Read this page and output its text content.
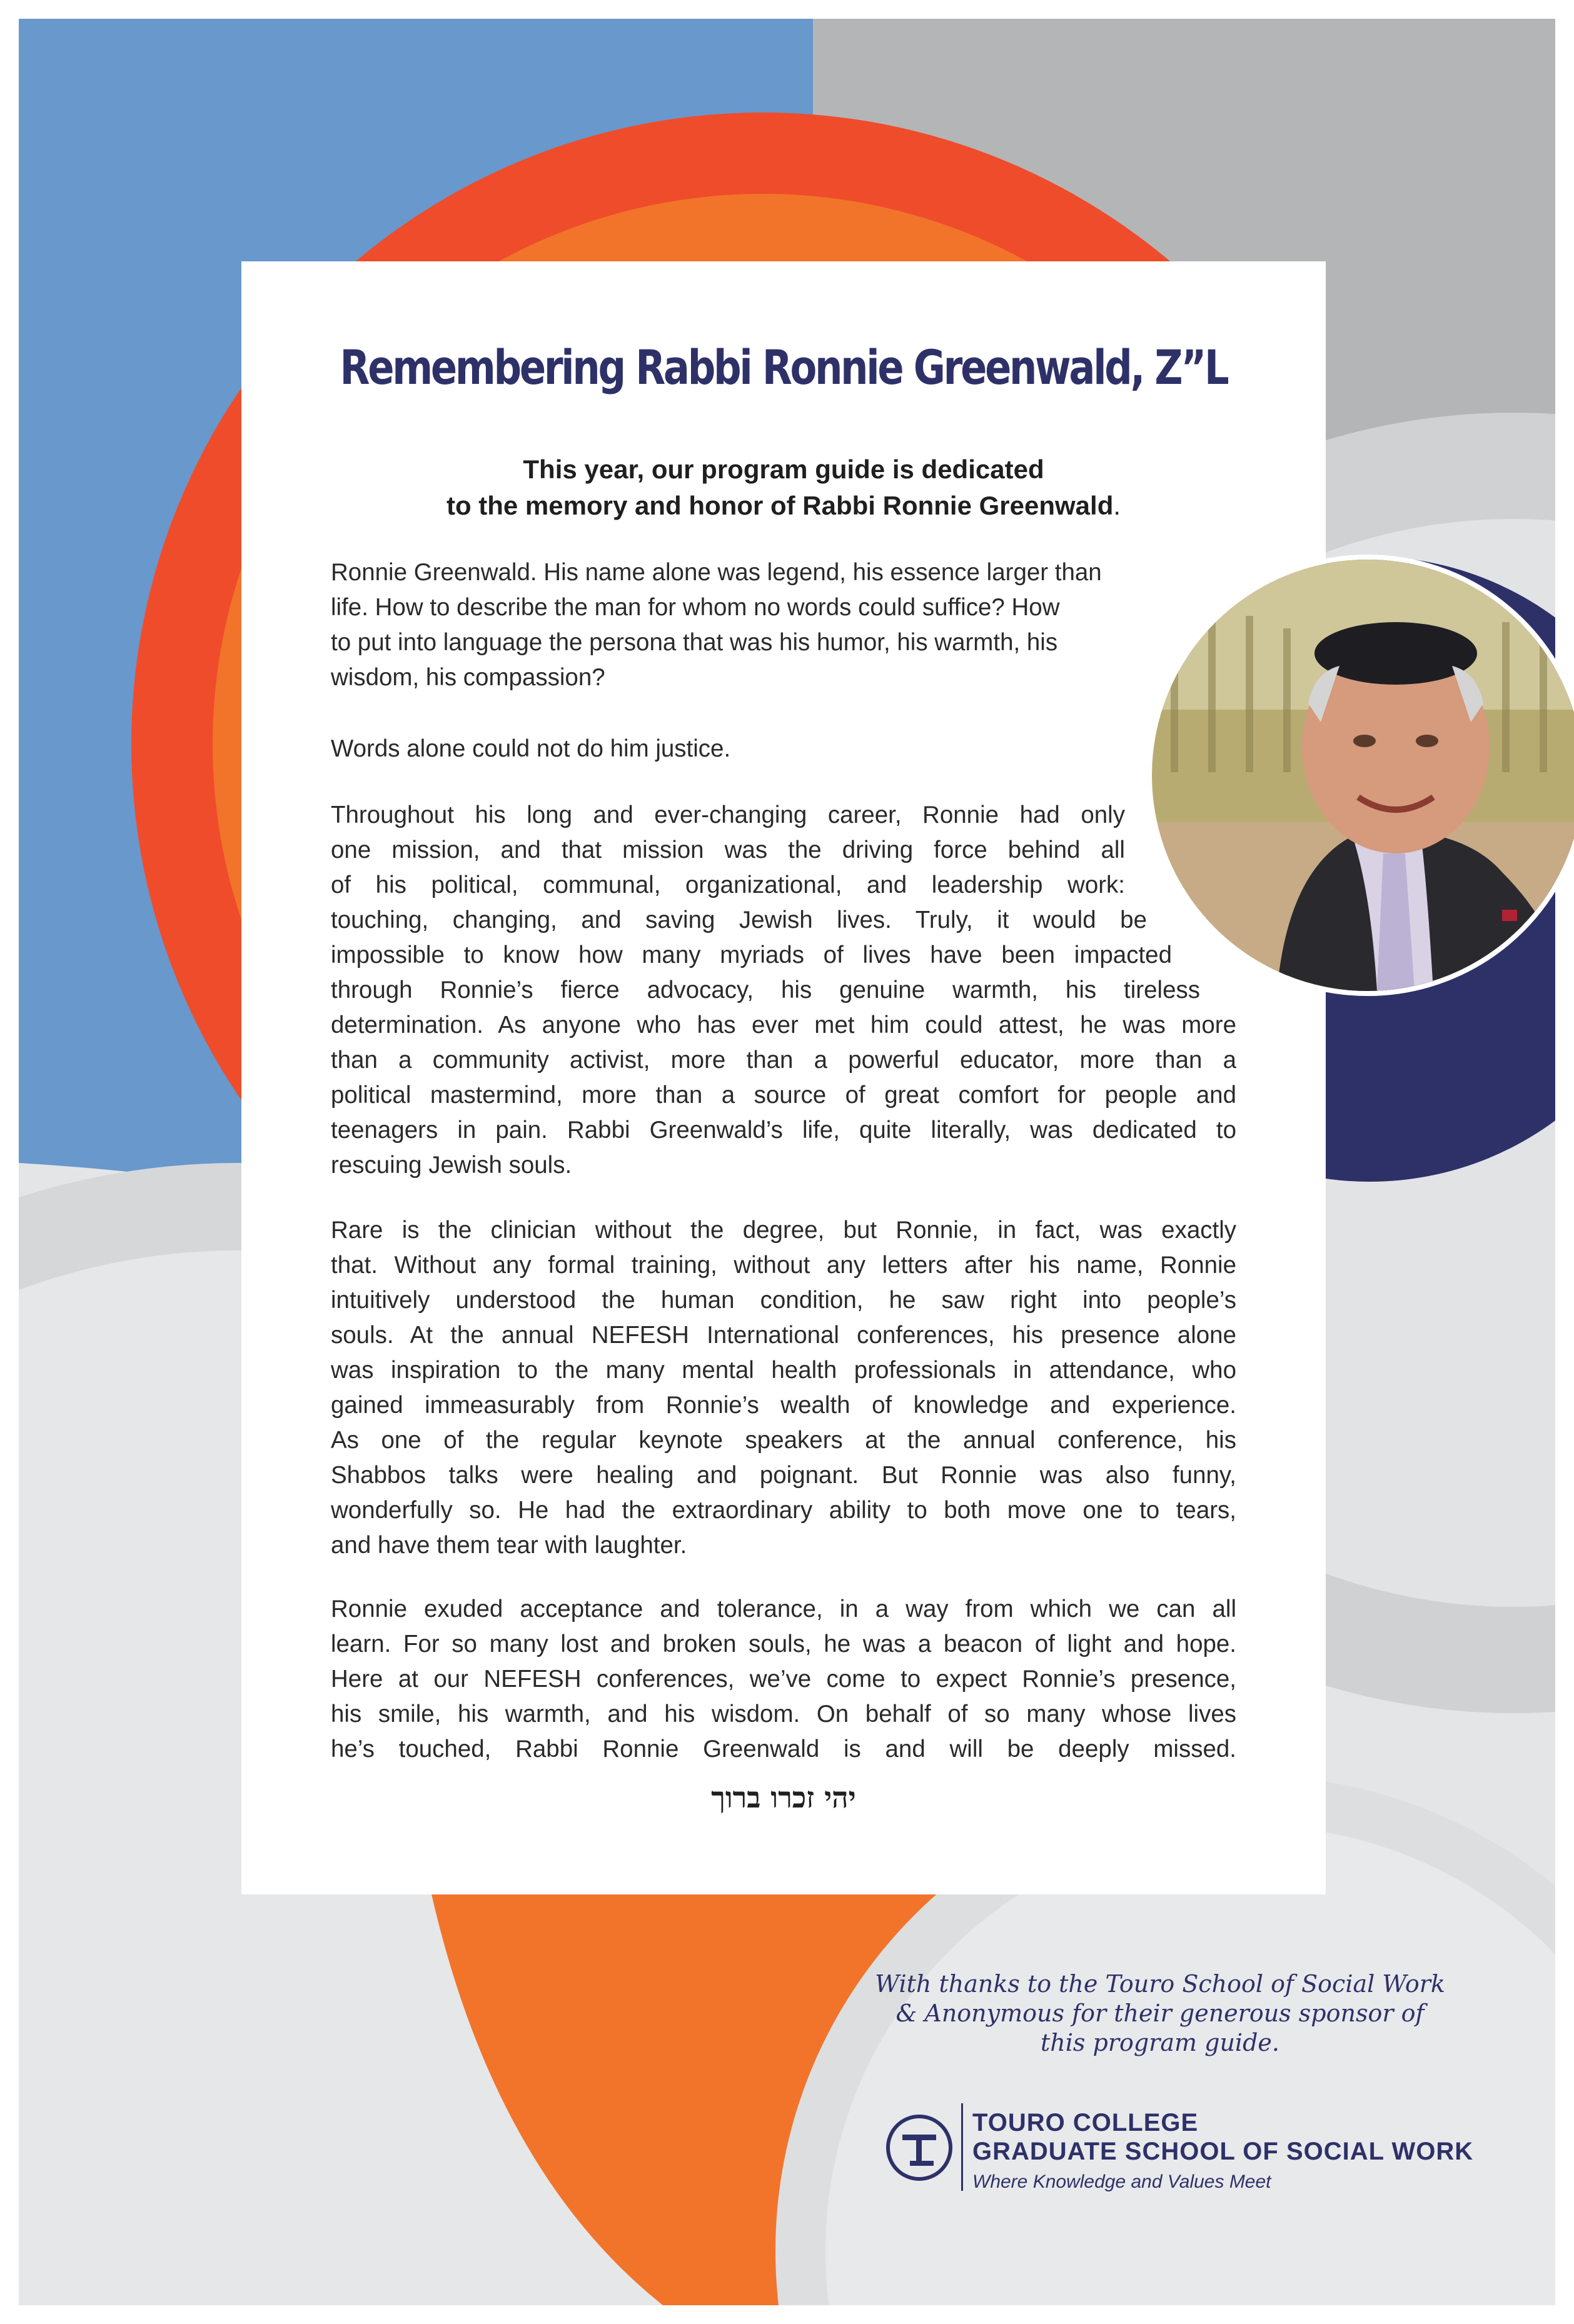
Remembering Rabbi Ronnie Greenwald, Z”L
This year, our program guide is dedicated
to the memory and honor of Rabbi Ronnie Greenwald.
Ronnie Greenwald. His name alone was legend, his essence larger than
life. How to describe the man for whom no words could suffice? How
to put into language the persona that was his humor, his warmth, his
wisdom, his compassion?
Words alone could not do him justice.
Throughout his long and ever-changing career, Ronnie had only
one mission, and that mission was the driving force behind all
of his political, communal, organizational, and leadership work:
touching, changing, and saving Jewish lives. Truly, it would be
impossible to know how many myriads of lives have been impacted
through Ronnie’s fierce advocacy, his genuine warmth, his tireless
determination. As anyone who has ever met him could attest, he was more
than a community activist, more than a powerful educator, more than a
political mastermind, more than a source of great comfort for people and
teenagers in pain. Rabbi Greenwald’s life, quite literally, was dedicated to
rescuing Jewish souls.
Rare is the clinician without the degree, but Ronnie, in fact, was exactly
that. Without any formal training, without any letters after his name, Ronnie
intuitively understood the human condition, he saw right into people’s
souls. At the annual NEFESH International conferences, his presence alone
was inspiration to the many mental health professionals in attendance, who
gained immeasurably from Ronnie’s wealth of knowledge and experience.
As one of the regular keynote speakers at the annual conference, his
Shabbos talks were healing and poignant. But Ronnie was also funny,
wonderfully so. He had the extraordinary ability to both move one to tears,
and have them tear with laughter.
Ronnie exuded acceptance and tolerance, in a way from which we can all
learn. For so many lost and broken souls, he was a beacon of light and hope.
Here at our NEFESH conferences, we’ve come to expect Ronnie’s presence,
his smile, his warmth, and his wisdom. On behalf of so many whose lives
he’s touched, Rabbi Ronnie Greenwald is and will be deeply missed.
יהי זכרו ברוך
With thanks to the Touro School of Social Work
& Anonymous for their generous sponsor of
this program guide.
TOURO COLLEGE
GRADUATE SCHOOL OF SOCIAL WORK
Where Knowledge and Values Meet
